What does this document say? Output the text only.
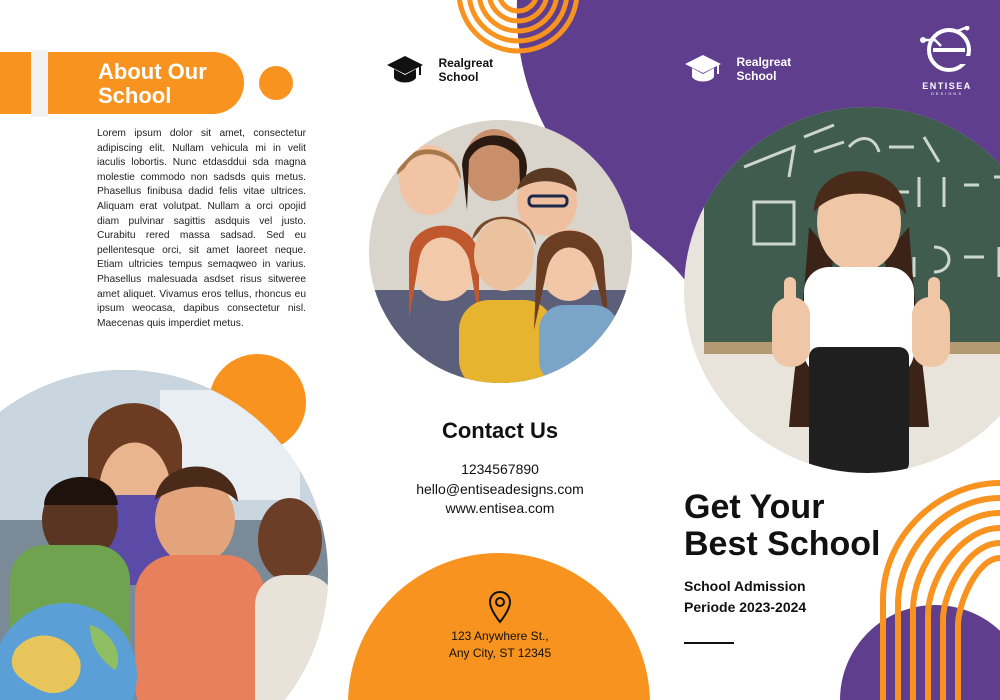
About Our School

Lorem ipsum dolor sit amet, consectetur adipiscing elit. Nullam vehicula mi in velit iaculis lobortis. Nunc etdasddui sda magna molestie commodo non sadsds quis metus. Phasellus finibusa dadid felis vitae ultrices. Aliquam erat volutpat. Nullam a orci opojid diam pulvinar sagittis asdquis vel justo. Curabitu rered massa sadsad. Sed eu pellentesque orci, sit amet laoreet neque. Etiam ultricies tempus semaqweo in varius. Phasellus malesuada asdset risus sitweree amet aliquet. Vivamus eros tellus, rhoncus eu ipsum weocasa, dapibus consectetur nisl. Maecenas quis imperdiet metus.

Realgreat
School
Contact Us
1234567890
hello@entiseadesigns.com
www.entisea.com
123 Anywhere St.,
Any City, ST 12345

Realgreat
School
ENTISEA
DESIGNS
Get Your
Best School
School Admission
Periode 2023-2024
